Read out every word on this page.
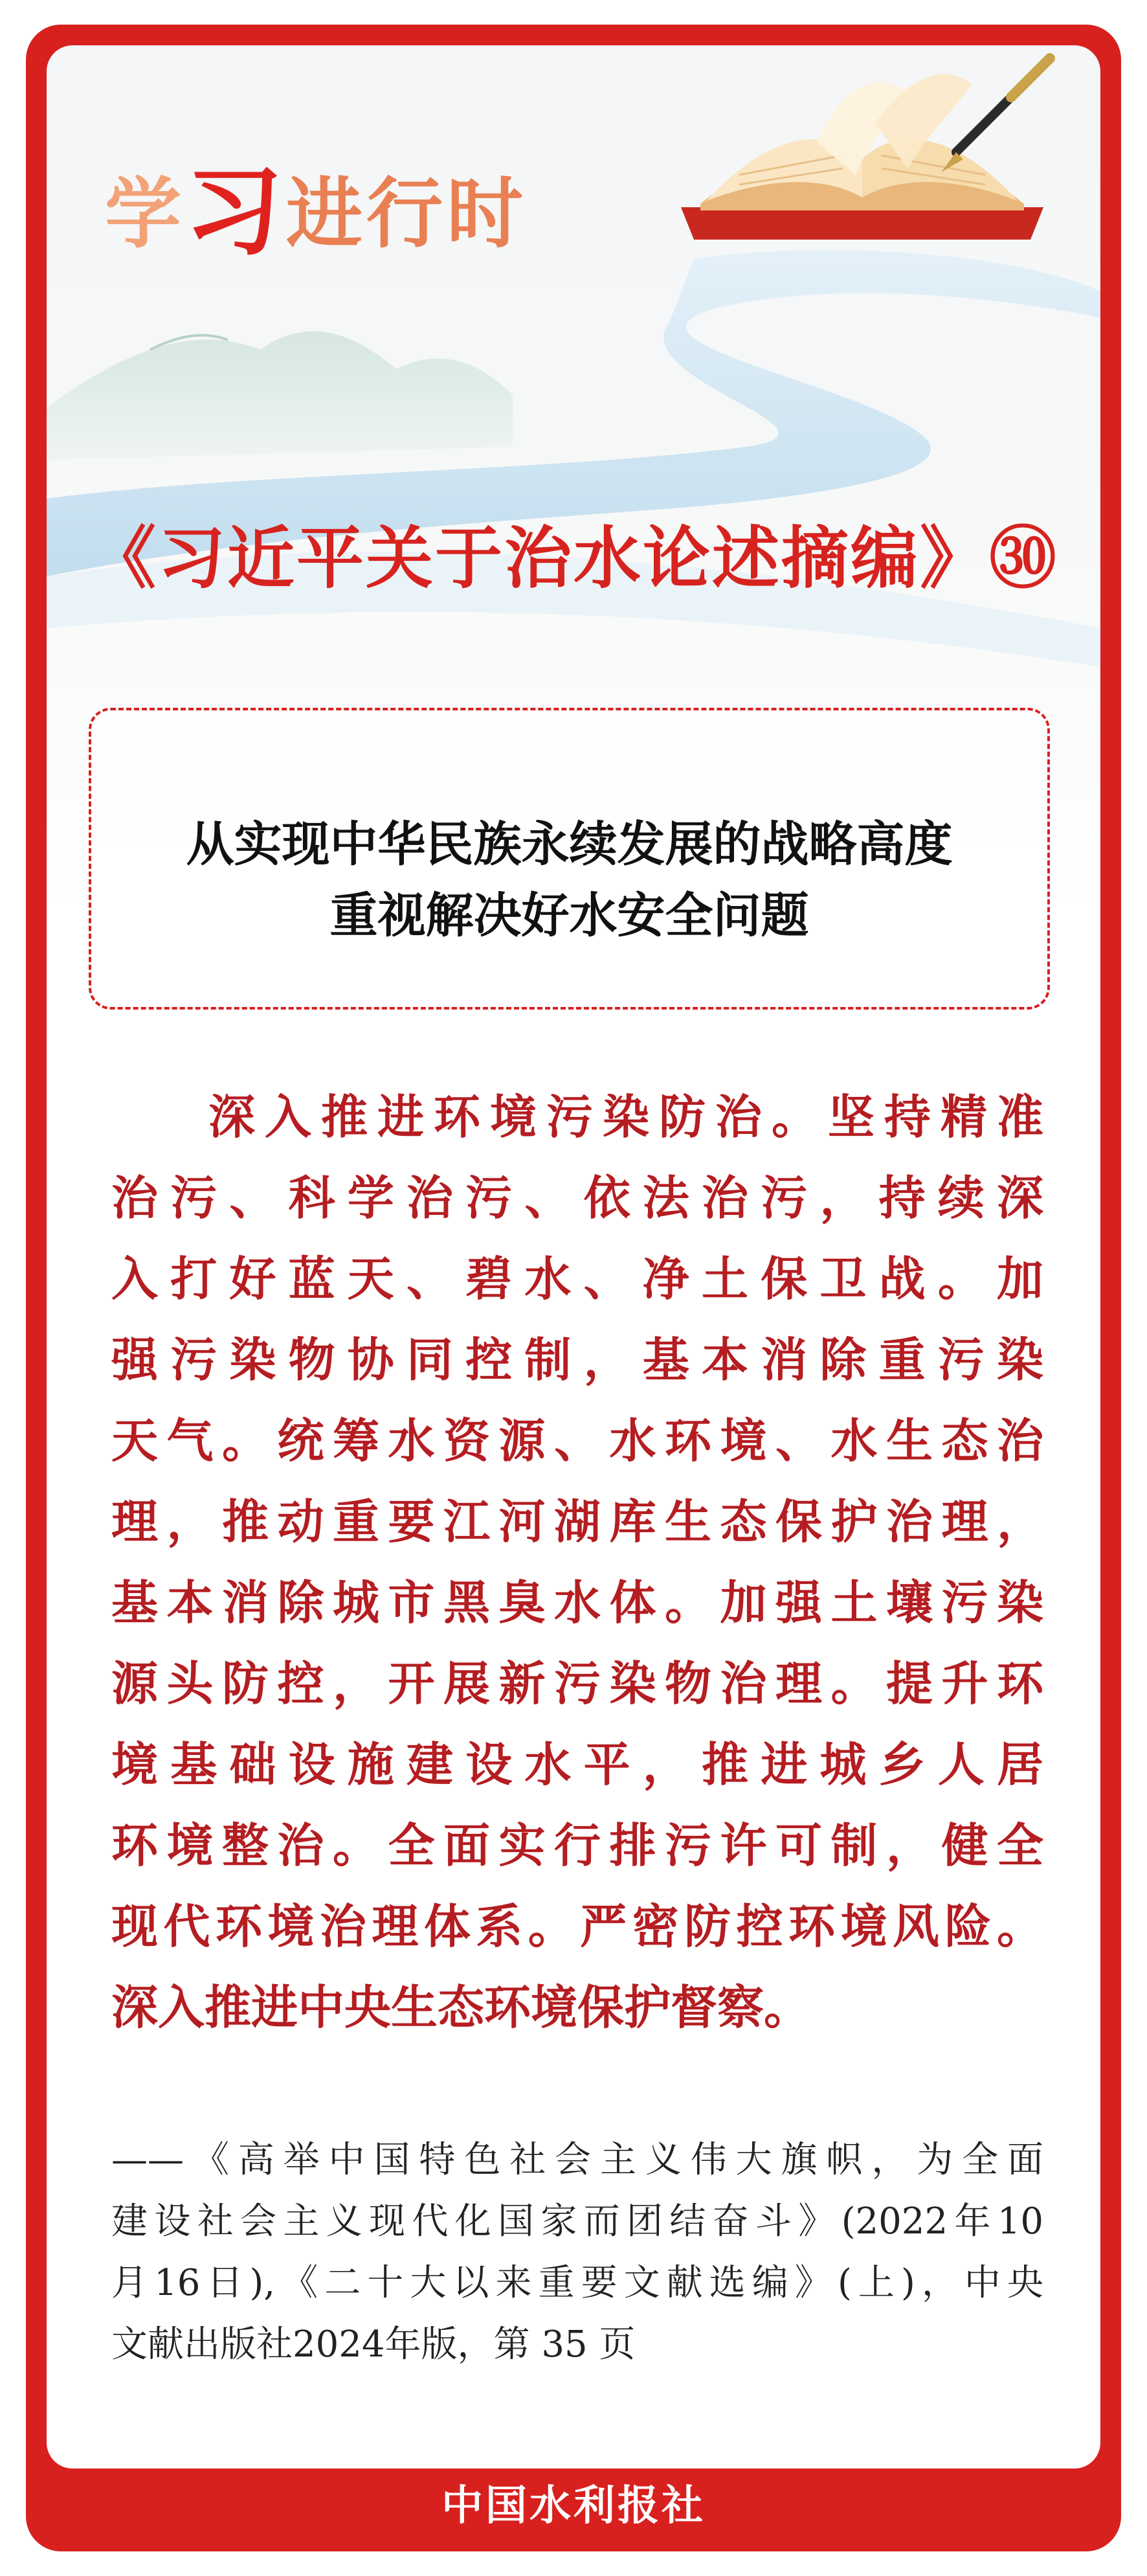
学习进行时
《习近平关于治水论述摘编》㉚
从实现中华民族永续发展的战略高度
重视解决好水安全问题
深入推进环境污染防治。坚持精准
治污、科学治污、依法治污，持续深
入打好蓝天、碧水、净土保卫战。加
强污染物协同控制，基本消除重污染
天气。统筹水资源、水环境、水生态治
理，推动重要江河湖库生态保护治理，
基本消除城市黑臭水体。加强土壤污染
源头防控，开展新污染物治理。提升环
境基础设施建设水平，推进城乡人居
环境整治。全面实行排污许可制，健全
现代环境治理体系。严密防控环境风险。
深入推进中央生态环境保护督察。
——《高举中国特色社会主义伟大旗帜，为全面
建设社会主义现代化国家而团结奋斗》(2022年10
月16日),《二十大以来重要文献选编》(上)，中央
文献出版社2024年版，第 35 页
中国水利报社
